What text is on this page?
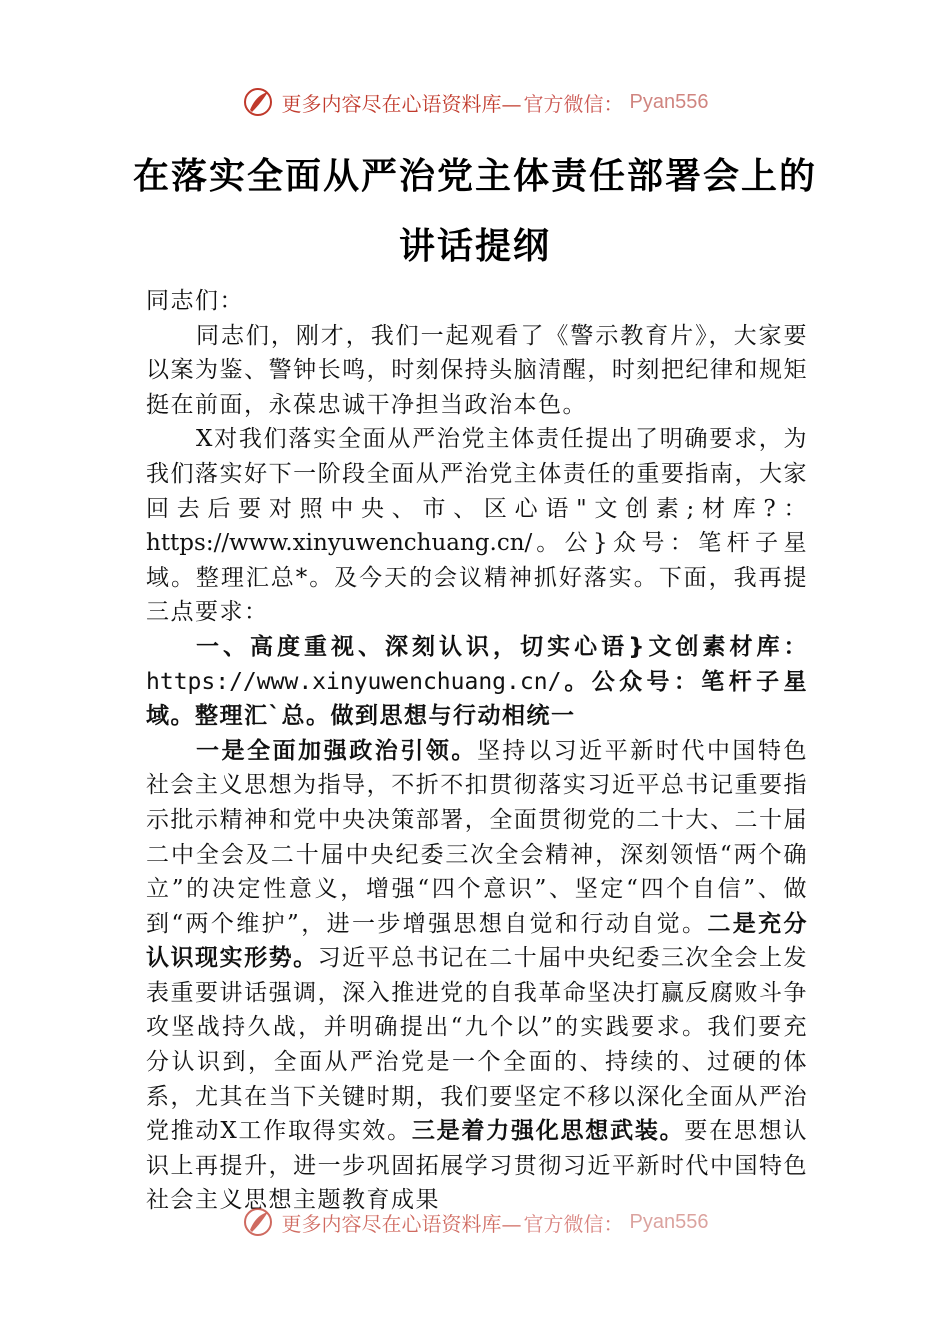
更多内容尽在心语资料库— 官方微信： Pyan556
在落实全面从严治党主体责任部署会上的
讲话提纲

同志们：

同志们，刚才，我们一起观看了《警示教育片》，大家要以案为鉴、警钟长鸣，时刻保持头脑清醒，时刻把纪律和规矩挺在前面，永葆忠诚干净担当政治本色。

X对我们落实全面从严治党主体责任提出了明确要求，为我们落实好下一阶段全面从严治党主体责任的重要指南，大家回去后要对照中央、市、区心语"文创素;材库?：https://www.xinyuwenchuang.cn/。公}众号：笔杆子星域。整理汇总*。及今天的会议精神抓好落实。下面，我再提三点要求：

一、高度重视、深刻认识，切实心语}文创素材库：https://www.xinyuwenchuang.cn/。公众号：笔杆子星域。整理汇`总。做到思想与行动相统一

一是全面加强政治引领。坚持以习近平新时代中国特色社会主义思想为指导，不折不扣贯彻落实习近平总书记重要指示批示精神和党中央决策部署，全面贯彻党的二十大、二十届二中全会及二十届中央纪委三次全会精神，深刻领悟“两个确立”的决定性意义，增强“四个意识”、坚定“四个自信”、做到“两个维护”，进一步增强思想自觉和行动自觉。二是充分认识现实形势。习近平总书记在二十届中央纪委三次全会上发表重要讲话强调，深入推进党的自我革命坚决打赢反腐败斗争攻坚战持久战，并明确提出“九个以”的实践要求。我们要充分认识到，全面从严治党是一个全面的、持续的、过硬的体系，尤其在当下关键时期，我们要坚定不移以深化全面从严治党推动X工作取得实效。三是着力强化思想武装。要在思想认识上再提升，进一步巩固拓展学习贯彻习近平新时代中国特色社会主义思想主题教育成果

更多内容尽在心语资料库— 官方微信： Pyan556
